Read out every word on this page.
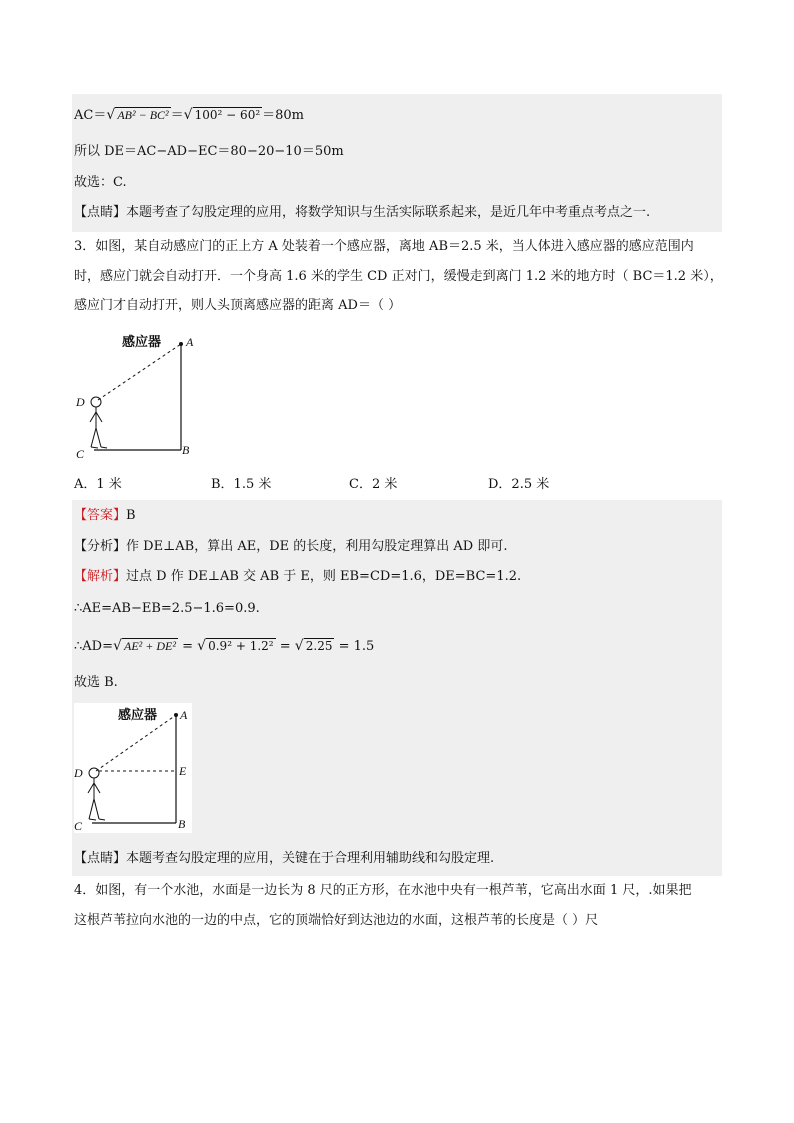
AC＝ √ AB² − BC² ＝ √ 100² − 60² ＝80m
所以 DE＝AC−AD−EC＝80−20−10＝50m
故选：C.
【点睛】本题考查了勾股定理的应用，将数学知识与生活实际联系起来，是近几年中考重点考点之一.
3．如图，某自动感应门的正上方 A 处装着一个感应器，离地 AB＝2.5 米，当人体进入感应器的感应范围内
时，感应门就会自动打开．一个身高 1.6 米的学生 CD 正对门，缓慢走到离门 1.2 米的地方时（ BC＝1.2 米），
感应门才自动打开，则人头顶离感应器的距离 AD＝（ ）
感应器 A
D
C	B
A．1 米	B．1.5 米	C．2 米	D．2.5 米
【答案】B
【分析】作 DE⊥AB，算出 AE，DE 的长度，利用勾股定理算出 AD 即可.
【解析】过点 D 作 DE⊥AB 交 AB 于 E，则 EB=CD=1.6，DE=BC=1.2.
∴AE=AB−EB=2.5−1.6=0.9.
∴AD= √ AE² + DE² = √ 0.9² + 1.2² = √ 2.25 = 1.5
故选 B.
感应器 A
D	E
C	B
【点睛】本题考查勾股定理的应用，关键在于合理利用辅助线和勾股定理.
4．如图，有一个水池，水面是一边长为 8 尺的正方形，在水池中央有一根芦苇，它高出水面 1 尺，.如果把
这根芦苇拉向水池的一边的中点，它的顶端恰好到达池边的水面，这根芦苇的长度是（ ）尺
